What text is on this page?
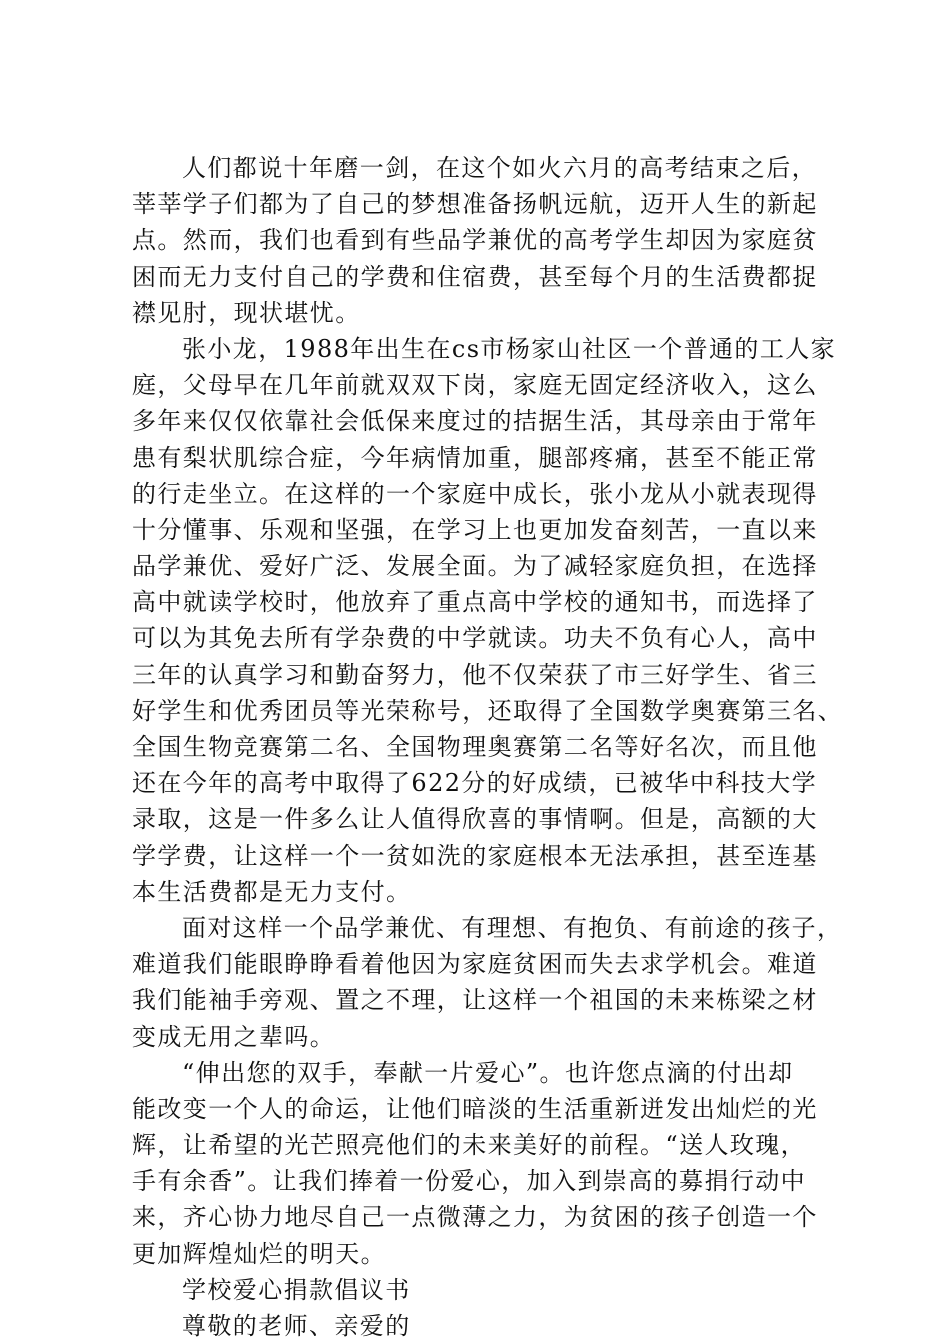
人们都说十年磨一剑，在这个如火六月的高考结束之后，
莘莘学子们都为了自己的梦想准备扬帆远航，迈开人生的新起
点。然而，我们也看到有些品学兼优的高考学生却因为家庭贫
困而无力支付自己的学费和住宿费，甚至每个月的生活费都捉
襟见肘，现状堪忧。
张小龙，1988年出生在cs市杨家山社区一个普通的工人家
庭，父母早在几年前就双双下岗，家庭无固定经济收入，这么
多年来仅仅依靠社会低保来度过的拮据生活，其母亲由于常年
患有梨状肌综合症，今年病情加重，腿部疼痛，甚至不能正常
的行走坐立。在这样的一个家庭中成长，张小龙从小就表现得
十分懂事、乐观和坚强，在学习上也更加发奋刻苦，一直以来
品学兼优、爱好广泛、发展全面。为了减轻家庭负担，在选择
高中就读学校时，他放弃了重点高中学校的通知书，而选择了
可以为其免去所有学杂费的中学就读。功夫不负有心人，高中
三年的认真学习和勤奋努力，他不仅荣获了市三好学生、省三
好学生和优秀团员等光荣称号，还取得了全国数学奥赛第三名、
全国生物竞赛第二名、全国物理奥赛第二名等好名次，而且他
还在今年的高考中取得了622分的好成绩，已被华中科技大学
录取，这是一件多么让人值得欣喜的事情啊。但是，高额的大
学学费，让这样一个一贫如洗的家庭根本无法承担，甚至连基
本生活费都是无力支付。
面对这样一个品学兼优、有理想、有抱负、有前途的孩子，
难道我们能眼睁睁看着他因为家庭贫困而失去求学机会。难道
我们能袖手旁观、置之不理，让这样一个祖国的未来栋梁之材
变成无用之辈吗。
“伸出您的双手，奉献一片爱心”。也许您点滴的付出却
能改变一个人的命运，让他们暗淡的生活重新迸发出灿烂的光
辉，让希望的光芒照亮他们的未来美好的前程。“送人玫瑰，
手有余香”。让我们捧着一份爱心，加入到崇高的募捐行动中
来，齐心协力地尽自己一点微薄之力，为贫困的孩子创造一个
更加辉煌灿烂的明天。
学校爱心捐款倡议书
尊敬的老师、亲爱的
